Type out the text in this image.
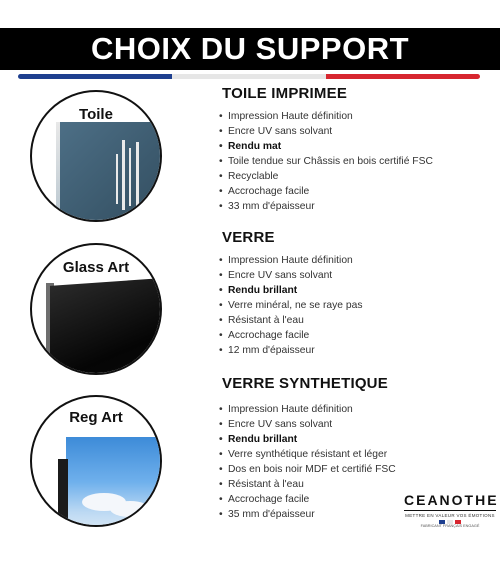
CHOIX DU SUPPORT
Toile
Glass Art
Reg Art
TOILE IMPRIMEE
• Impression Haute définition
• Encre UV sans solvant
• Rendu mat
• Toile tendue sur Châssis en bois certifié FSC
• Recyclable
• Accrochage facile
• 33 mm d'épaisseur
VERRE
• Impression Haute définition
• Encre UV sans solvant
• Rendu brillant
• Verre minéral, ne se raye pas
• Résistant à l'eau
• Accrochage facile
• 12 mm d'épaisseur
VERRE SYNTHETIQUE
• Impression Haute définition
• Encre UV sans solvant
• Rendu brillant
• Verre synthétique résistant et léger
• Dos en bois noir MDF et certifié FSC
• Résistant à l'eau
• Accrochage facile
• 35 mm d'épaisseur
CEANOTHE
METTRE EN VALEUR VOS ÉMOTIONS
FABRICANT FRANÇAIS ENGAGÉ
